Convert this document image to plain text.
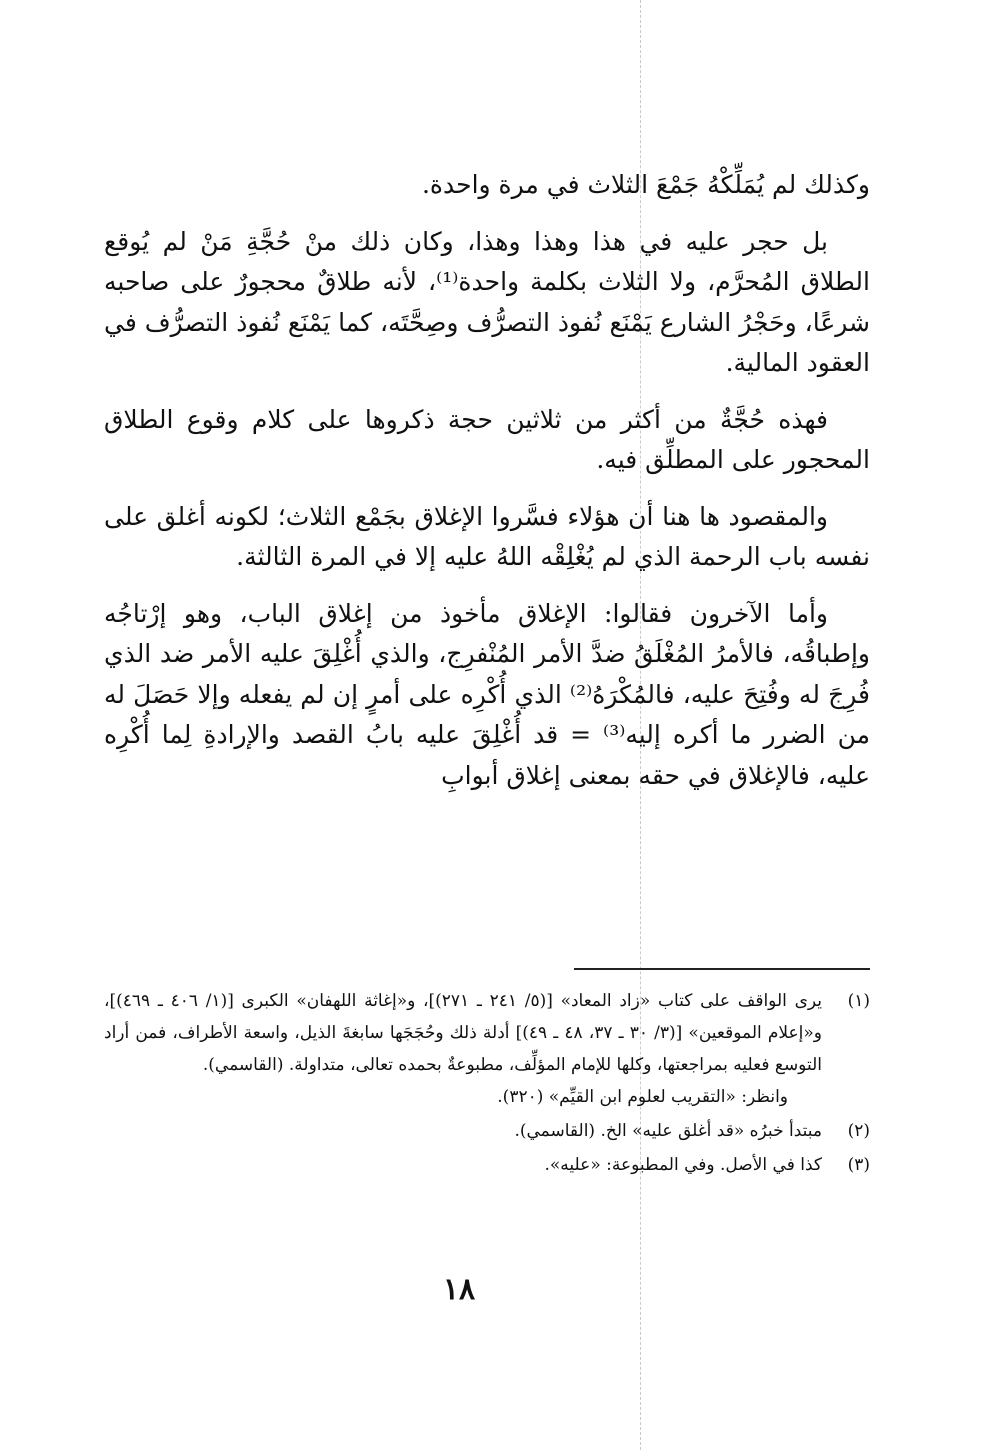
وكذلك لم يُمَلِّكْهُ جَمْعَ الثلاث في مرة واحدة.

بل حجر عليه في هذا وهذا وهذا، وكان ذلك منْ حُجَّةِ مَنْ لم يُوقع الطلاق المُحرَّم، ولا الثلاث بكلمة واحدة⁽¹⁾، لأنه طلاقٌ محجورٌ على صاحبه شرعًا، وحَجْرُ الشارع يَمْنَع نُفوذ التصرُّف وصِحَّتَه، كما يَمْنَع نُفوذ التصرُّف في العقود المالية.

فهذه حُجَّةٌ من أكثر من ثلاثين حجة ذكروها على كلام وقوع الطلاق المحجور على المطلِّق فيه.

والمقصود ها هنا أن هؤلاء فسَّروا الإغلاق بجَمْع الثلاث؛ لكونه أغلق على نفسه باب الرحمة الذي لم يُغْلِقْه اللهُ عليه إلا في المرة الثالثة.

وأما الآخرون فقالوا: الإغلاق مأخوذ من إغلاق الباب، وهو إرْتاجُه وإطباقُه، فالأمرُ المُغْلَقُ ضدَّ الأمر المُنْفرِج، والذي أُغْلِقَ عليه الأمر ضد الذي فُرِجَ له وفُتِحَ عليه، فالمُكْرَهُ⁽²⁾ الذي أُكْرِه على أمرٍ إن لم يفعله وإلا حَصَلَ له من الضرر ما أكره إليه⁽³⁾ = قد أُغْلِقَ عليه بابُ القصد والإرادةِ لِما أُكْرِه عليه، فالإغلاق في حقه بمعنى إغلاق أبوابِ

(١)

يرى الواقف على كتاب «زاد المعاد» [(٥/ ٢٤١ ـ ٢٧١)]، و«إغاثة اللهفان» الكبرى [(١/ ٤٠٦ ـ ٤٦٩)]، و«إعلام الموقعين» [(٣/ ٣٠ ـ ٣٧، ٤٨ ـ ٤٩)] أدلة ذلك وحُجَجَها سابغةَ الذيل، واسعة الأطراف، فمن أراد التوسع فعليه بمراجعتها، وكلها للإمام المؤلِّف، مطبوعةٌ بحمده تعالى، متداولة. (القاسمي).

وانظر: «التقريب لعلوم ابن القيِّم» (٣٢٠).

(٢)

مبتدأ خبرُه «قد أغلق عليه» الخ. (القاسمي).

(٣)

كذا في الأصل. وفي المطبوعة: «عليه».

١٨
